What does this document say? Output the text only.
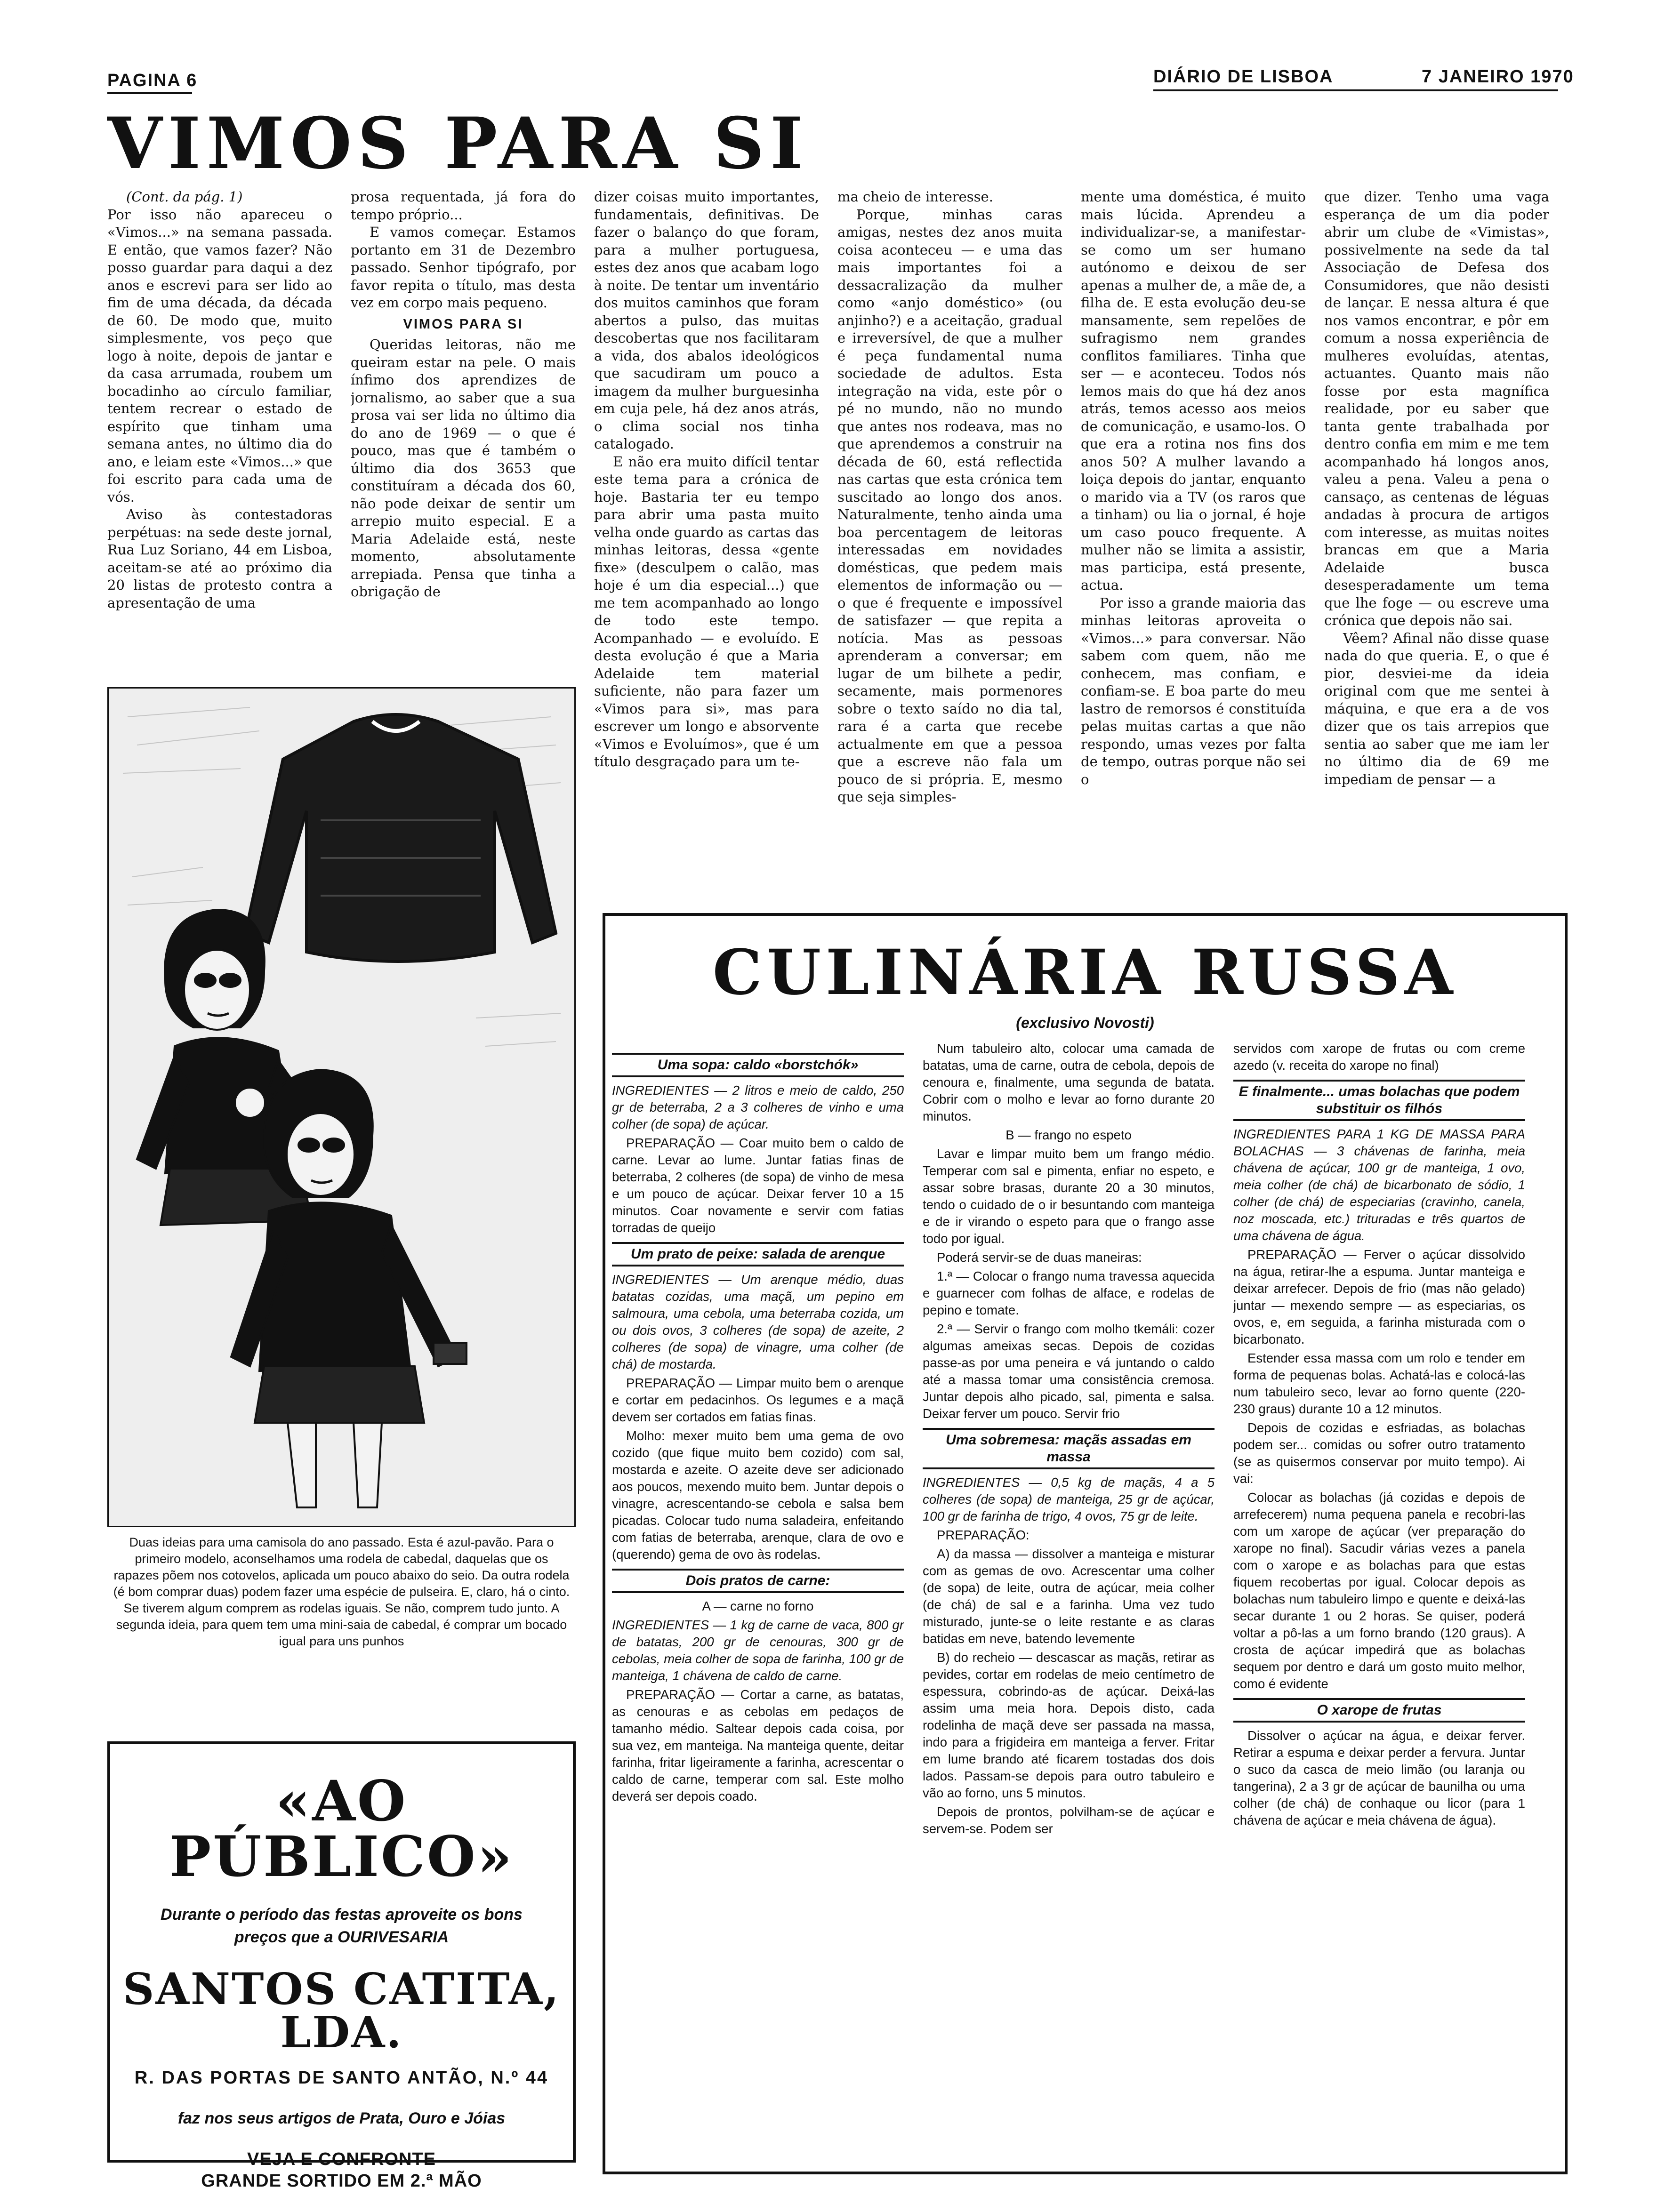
PAGINA 6	DIÁRIO DE LISBOA	7 JANEIRO 1970
VIMOS PARA SI

(Cont. da pág. 1)

Por isso não apareceu o «Vimos...» na semana passada. E então, que vamos fazer? Não posso guardar para daqui a dez anos e escrevi para ser lido ao fim de uma década, da década de 60. De modo que, muito simplesmente, vos peço que logo à noite, depois de jantar e da casa arrumada, roubem um bocadinho ao círculo familiar, tentem recrear o estado de espírito que tinham uma semana antes, no último dia do ano, e leiam este «Vimos...» que foi escrito para cada uma de vós.

Aviso às contestadoras perpétuas: na sede deste jornal, Rua Luz Soriano, 44 em Lisboa, aceitam-se até ao próximo dia 20 listas de protesto contra a apresentação de uma

prosa requentada, já fora do tempo próprio...

E vamos começar. Estamos portanto em 31 de Dezembro passado. Senhor tipógrafo, por favor repita o título, mas desta vez em corpo mais pequeno.

VIMOS PARA SI

Queridas leitoras, não me queiram estar na pele. O mais ínfimo dos aprendizes de jornalismo, ao saber que a sua prosa vai ser lida no último dia do ano de 1969 — o que é pouco, mas que é também o último dia dos 3653 que constituíram a década dos 60, não pode deixar de sentir um arrepio muito especial. E a Maria Adelaide está, neste momento, absolutamente arrepiada. Pensa que tinha a obrigação de

dizer coisas muito importantes, fundamentais, definitivas. De fazer o balanço do que foram, para a mulher portuguesa, estes dez anos que acabam logo à noite. De tentar um inventário dos muitos caminhos que foram abertos a pulso, das muitas descobertas que nos facilitaram a vida, dos abalos ideológicos que sacudiram um pouco a imagem da mulher burguesinha em cuja pele, há dez anos atrás, o clima social nos tinha catalogado.

E não era muito difícil tentar este tema para a crónica de hoje. Bastaria ter eu tempo para abrir uma pasta muito velha onde guardo as cartas das minhas leitoras, dessa «gente fixe» (desculpem o calão, mas hoje é um dia especial...) que me tem acompanhado ao longo de todo este tempo. Acompanhado — e evoluído. E desta evolução é que a Maria Adelaide tem material suficiente, não para fazer um «Vimos para si», mas para escrever um longo e absorvente «Vimos e Evoluímos», que é um título desgraçado para um te-

ma cheio de interesse.

Porque, minhas caras amigas, nestes dez anos muita coisa aconteceu — e uma das mais importantes foi a dessacralização da mulher como «anjo doméstico» (ou anjinho?) e a aceitação, gradual e irreversível, de que a mulher é peça fundamental numa sociedade de adultos. Esta integração na vida, este pôr o pé no mundo, não no mundo que antes nos rodeava, mas no que aprendemos a construir na década de 60, está reflectida nas cartas que esta crónica tem suscitado ao longo dos anos. Naturalmente, tenho ainda uma boa percentagem de leitoras interessadas em novidades domésticas, que pedem mais elementos de informação ou — o que é frequente e impossível de satisfazer — que repita a notícia. Mas as pessoas aprenderam a conversar; em lugar de um bilhete a pedir, secamente, mais pormenores sobre o texto saído no dia tal, rara é a carta que recebe actualmente em que a pessoa que a escreve não fala um pouco de si própria. E, mesmo que seja simples-

mente uma doméstica, é muito mais lúcida. Aprendeu a individualizar-se, a manifestar-se como um ser humano autónomo e deixou de ser apenas a mulher de, a mãe de, a filha de. E esta evolução deu-se mansamente, sem repelões de sufragismo nem grandes conflitos familiares. Tinha que ser — e aconteceu. Todos nós lemos mais do que há dez anos atrás, temos acesso aos meios de comunicação, e usamo-los. O que era a rotina nos fins dos anos 50? A mulher lavando a loiça depois do jantar, enquanto o marido via a TV (os raros que a tinham) ou lia o jornal, é hoje um caso pouco frequente. A mulher não se limita a assistir, mas participa, está presente, actua.

Por isso a grande maioria das minhas leitoras aproveita o «Vimos...» para conversar. Não sabem com quem, não me conhecem, mas confiam, e confiam-se. E boa parte do meu lastro de remorsos é constituída pelas muitas cartas a que não respondo, umas vezes por falta de tempo, outras porque não sei o

que dizer. Tenho uma vaga esperança de um dia poder abrir um clube de «Vimistas», possivelmente na sede da tal Associação de Defesa dos Consumidores, que não desisti de lançar. E nessa altura é que nos vamos encontrar, e pôr em comum a nossa experiência de mulheres evoluídas, atentas, actuantes. Quanto mais não fosse por esta magnífica realidade, por eu saber que tanta gente trabalhada por dentro confia em mim e me tem acompanhado há longos anos, valeu a pena. Valeu a pena o cansaço, as centenas de léguas andadas à procura de artigos com interesse, as muitas noites brancas em que a Maria Adelaide busca desesperadamente um tema que lhe foge — ou escreve uma crónica que depois não sai.

Vêem? Afinal não disse quase nada do que queria. E, o que é pior, desviei-me da ideia original com que me sentei à máquina, e que era a de vos dizer que os tais arrepios que sentia ao saber que me iam ler no último dia de 69 me impediam de pensar — a

Duas ideias para uma camisola do ano passado. Esta é azul-pavão. Para o primeiro modelo, aconselhamos uma rodela de cabedal, daquelas que os rapazes põem nos cotovelos, aplicada um pouco abaixo do seio. Da outra rodela (é bom comprar duas) podem fazer uma espécie de pulseira. E, claro, há o cinto. Se tiverem algum comprem as rodelas iguais. Se não, comprem tudo junto. A segunda ideia, para quem tem uma mini-saia de cabedal, é comprar um bocado igual para uns punhos
«AO PÚBLICO»
Durante o período das festas aproveite os bons
preços que a OURIVESARIA
SANTOS CATITA, LDA.
R. DAS PORTAS DE SANTO ANTÃO, N.º 44
faz nos seus artigos de Prata, Ouro e Jóias
VEJA E CONFRONTE
GRANDE SORTIDO EM 2.ª MÃO
CULINÁRIA RUSSA
(exclusivo Novosti)
Uma sopa: caldo «borstchók»

INGREDIENTES — 2 litros e meio de caldo, 250 gr de beterraba, 2 a 3 colheres de vinho e uma colher (de sopa) de açúcar.

PREPARAÇÃO — Coar muito bem o caldo de carne. Levar ao lume. Juntar fatias finas de beterraba, 2 colheres (de sopa) de vinho de mesa e um pouco de açúcar. Deixar ferver 10 a 15 minutos. Coar novamente e servir com fatias torradas de queijo

Um prato de peixe: salada de arenque

INGREDIENTES — Um arenque médio, duas batatas cozidas, uma maçã, um pepino em salmoura, uma cebola, uma beterraba cozida, um ou dois ovos, 3 colheres (de sopa) de azeite, 2 colheres (de sopa) de vinagre, uma colher (de chá) de mostarda.

PREPARAÇÃO — Limpar muito bem o arenque e cortar em pedacinhos. Os legumes e a maçã devem ser cortados em fatias finas.

Molho: mexer muito bem uma gema de ovo cozido (que fique muito bem cozido) com sal, mostarda e azeite. O azeite deve ser adicionado aos poucos, mexendo muito bem. Juntar depois o vinagre, acrescentando-se cebola e salsa bem picadas. Colocar tudo numa saladeira, enfeitando com fatias de beterraba, arenque, clara de ovo e (querendo) gema de ovo às rodelas.

Dois pratos de carne:

A — carne no forno

INGREDIENTES — 1 kg de carne de vaca, 800 gr de batatas, 200 gr de cenouras, 300 gr de cebolas, meia colher de sopa de farinha, 100 gr de manteiga, 1 chávena de caldo de carne.

PREPARAÇÃO — Cortar a carne, as batatas, as cenouras e as cebolas em pedaços de tamanho médio. Saltear depois cada coisa, por sua vez, em manteiga. Na manteiga quente, deitar farinha, fritar ligeiramente a farinha, acrescentar o caldo de carne, temperar com sal. Este molho deverá ser depois coado.

Num tabuleiro alto, colocar uma camada de batatas, uma de carne, outra de cebola, depois de cenoura e, finalmente, uma segunda de batata. Cobrir com o molho e levar ao forno durante 20 minutos.

B — frango no espeto

Lavar e limpar muito bem um frango médio. Temperar com sal e pimenta, enfiar no espeto, e assar sobre brasas, durante 20 a 30 minutos, tendo o cuidado de o ir besuntando com manteiga e de ir virando o espeto para que o frango asse todo por igual.

Poderá servir-se de duas maneiras:

1.ª — Colocar o frango numa travessa aquecida e guarnecer com folhas de alface, e rodelas de pepino e tomate.

2.ª — Servir o frango com molho tkemáli: cozer algumas ameixas secas. Depois de cozidas passe-as por uma peneira e vá juntando o caldo até a massa tomar uma consistência cremosa. Juntar depois alho picado, sal, pimenta e salsa. Deixar ferver um pouco. Servir frio

Uma sobremesa: maçãs assadas em massa

INGREDIENTES — 0,5 kg de maçãs, 4 a 5 colheres (de sopa) de manteiga, 25 gr de açúcar, 100 gr de farinha de trigo, 4 ovos, 75 gr de leite.

PREPARAÇÃO:

A) da massa — dissolver a manteiga e misturar com as gemas de ovo. Acrescentar uma colher (de sopa) de leite, outra de açúcar, meia colher (de chá) de sal e a farinha. Uma vez tudo misturado, junte-se o leite restante e as claras batidas em neve, batendo levemente

B) do recheio — descascar as maçãs, retirar as pevides, cortar em rodelas de meio centímetro de espessura, cobrindo-as de açúcar. Deixá-las assim uma meia hora. Depois disto, cada rodelinha de maçã deve ser passada na massa, indo para a frigideira em manteiga a ferver. Fritar em lume brando até ficarem tostadas dos dois lados. Passam-se depois para outro tabuleiro e vão ao forno, uns 5 minutos.

Depois de prontos, polvilham-se de açúcar e servem-se. Podem ser

servidos com xarope de frutas ou com creme azedo (v. receita do xarope no final)

E finalmente... umas bolachas que podem substituir os filhós

INGREDIENTES PARA 1 KG DE MASSA PARA BOLACHAS — 3 chávenas de farinha, meia chávena de açúcar, 100 gr de manteiga, 1 ovo, meia colher (de chá) de bicarbonato de sódio, 1 colher (de chá) de especiarias (cravinho, canela, noz moscada, etc.) trituradas e três quartos de uma chávena de água.

PREPARAÇÃO — Ferver o açúcar dissolvido na água, retirar-lhe a espuma. Juntar manteiga e deixar arrefecer. Depois de frio (mas não gelado) juntar — mexendo sempre — as especiarias, os ovos, e, em seguida, a farinha misturada com o bicarbonato.

Estender essa massa com um rolo e tender em forma de pequenas bolas. Achatá-las e colocá-las num tabuleiro seco, levar ao forno quente (220-230 graus) durante 10 a 12 minutos.

Depois de cozidas e esfriadas, as bolachas podem ser... comidas ou sofrer outro tratamento (se as quisermos conservar por muito tempo). Ai vai:

Colocar as bolachas (já cozidas e depois de arrefecerem) numa pequena panela e recobri-las com um xarope de açúcar (ver preparação do xarope no final). Sacudir várias vezes a panela com o xarope e as bolachas para que estas fiquem recobertas por igual. Colocar depois as bolachas num tabuleiro limpo e quente e deixá-las secar durante 1 ou 2 horas. Se quiser, poderá voltar a pô-las a um forno brando (120 graus). A crosta de açúcar impedirá que as bolachas sequem por dentro e dará um gosto muito melhor, como é evidente

O xarope de frutas

Dissolver o açúcar na água, e deixar ferver. Retirar a espuma e deixar perder a fervura. Juntar o suco da casca de meio limão (ou laranja ou tangerina), 2 a 3 gr de açúcar de baunilha ou uma colher (de chá) de conhaque ou licor (para 1 chávena de açúcar e meia chávena de água).
